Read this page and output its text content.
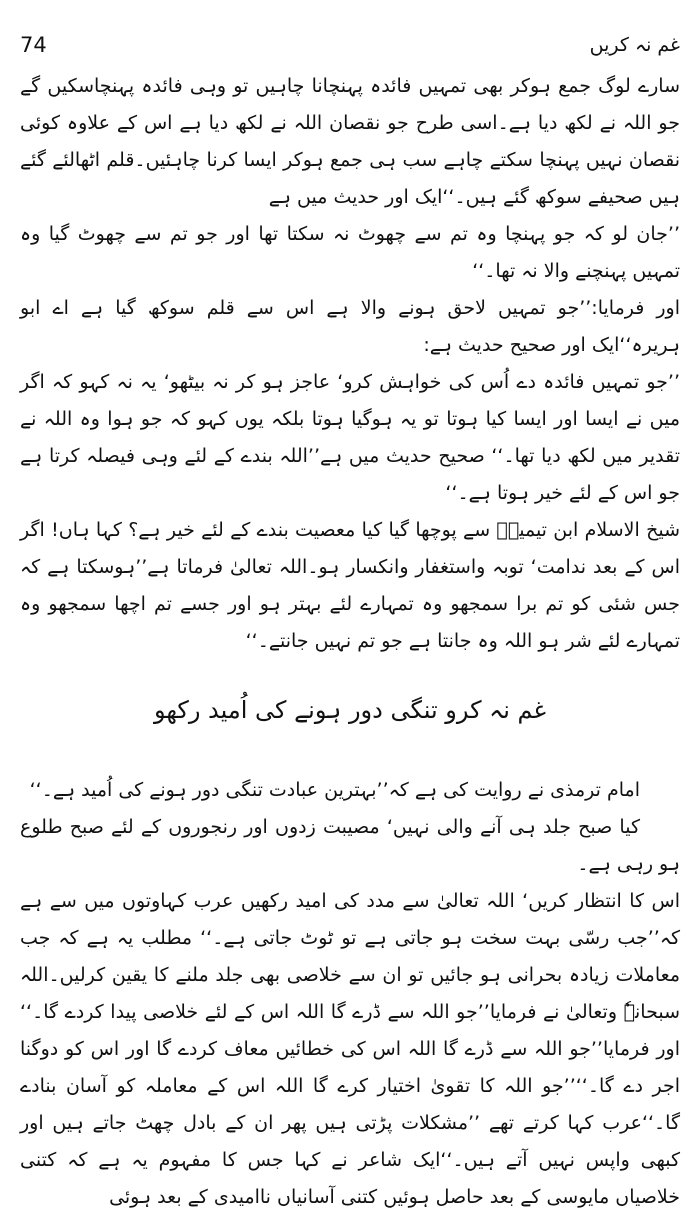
74	غم نہ کریں

سارے لوگ جمع ہوکر بھی تمہیں فائدہ پہنچانا چاہیں تو وہی فائدہ پہنچاسکیں گے جو اللہ نے لکھ دیا ہے۔اسی طرح جو نقصان اللہ نے لکھ دیا ہے اس کے علاوہ کوئی نقصان نہیں پہنچا سکتے چاہے سب ہی جمع ہوکر ایسا کرنا چاہئیں۔قلم اٹھالئے گئے ہیں صحیفے سوکھ گئے ہیں۔‘‘ایک اور حدیث میں ہے

’’جان لو کہ جو پہنچا وہ تم سے چھوٹ نہ سکتا تھا اور جو تم سے چھوٹ گیا وہ تمہیں پہنچنے والا نہ تھا۔‘‘

اور فرمایا:’’جو تمہیں لاحق ہونے والا ہے اس سے قلم سوکھ گیا ہے اے ابو ہریرہ‘‘ایک اور صحیح حدیث ہے:

’’جو تمہیں فائدہ دے اُس کی خواہش کرو‘ عاجز ہو کر نہ بیٹھو‘ یہ نہ کہو کہ اگر میں نے ایسا اور ایسا کیا ہوتا تو یہ ہوگیا ہوتا بلکہ یوں کہو کہ جو ہوا وہ اللہ نے تقدیر میں لکھ دیا تھا۔‘‘ صحیح حدیث میں ہے’’اللہ بندے کے لئے وہی فیصلہ کرتا ہے جو اس کے لئے خیر ہوتا ہے۔‘‘

شیخ الاسلام ابن تیمیہؒ سے پوچھا گیا کیا معصیت بندے کے لئے خیر ہے؟ کہا ہاں! اگر اس کے بعد ندامت‘ توبہ واستغفار وانکسار ہو۔اللہ تعالیٰ فرماتا ہے’’ہوسکتا ہے کہ جس شئی کو تم برا سمجھو وہ تمہارے لئے بہتر ہو اور جسے تم اچھا سمجھو وہ تمہارے لئے شر ہو اللہ وہ جانتا ہے جو تم نہیں جانتے۔‘‘

غم نہ کرو تنگی دور ہونے کی اُمید رکھو

امام ترمذی نے روایت کی ہے کہ’’بہترین عبادت تنگی دور ہونے کی اُمید ہے۔‘‘

کیا صبح جلد ہی آنے والی نہیں‘ مصیبت زدوں اور رنجوروں کے لئے صبح طلوع ہو رہی ہے۔

اس کا انتظار کریں‘ اللہ تعالیٰ سے مدد کی امید رکھیں عرب کہاوتوں میں سے ہے کہ’’جب رسّی بہت سخت ہو جاتی ہے تو ٹوٹ جاتی ہے۔‘‘ مطلب یہ ہے کہ جب معاملات زیادہ بحرانی ہو جائیں تو ان سے خلاصی بھی جلد ملنے کا یقین کرلیں۔اللہ سبحانہٗ وتعالیٰ نے فرمایا’’جو اللہ سے ڈرے گا اللہ اس کے لئے خلاصی پیدا کردے گا۔‘‘ اور فرمایا’’جو اللہ سے ڈرے گا اللہ اس کی خطائیں معاف کردے گا اور اس کو دوگنا اجر دے گا۔‘‘’’جو اللہ کا تقویٰ اختیار کرے گا اللہ اس کے معاملہ کو آسان بنادے گا۔‘‘عرب کہا کرتے تھے ’’مشکلات پڑتی ہیں پھر ان کے بادل چھٹ جاتے ہیں اور کبھی واپس نہیں آتے ہیں۔‘‘ایک شاعر نے کہا جس کا مفہوم یہ ہے کہ کتنی خلاصیاں مایوسی کے بعد حاصل ہوئیں کتنی آسانیاں ناامیدی کے بعد ہوئی
